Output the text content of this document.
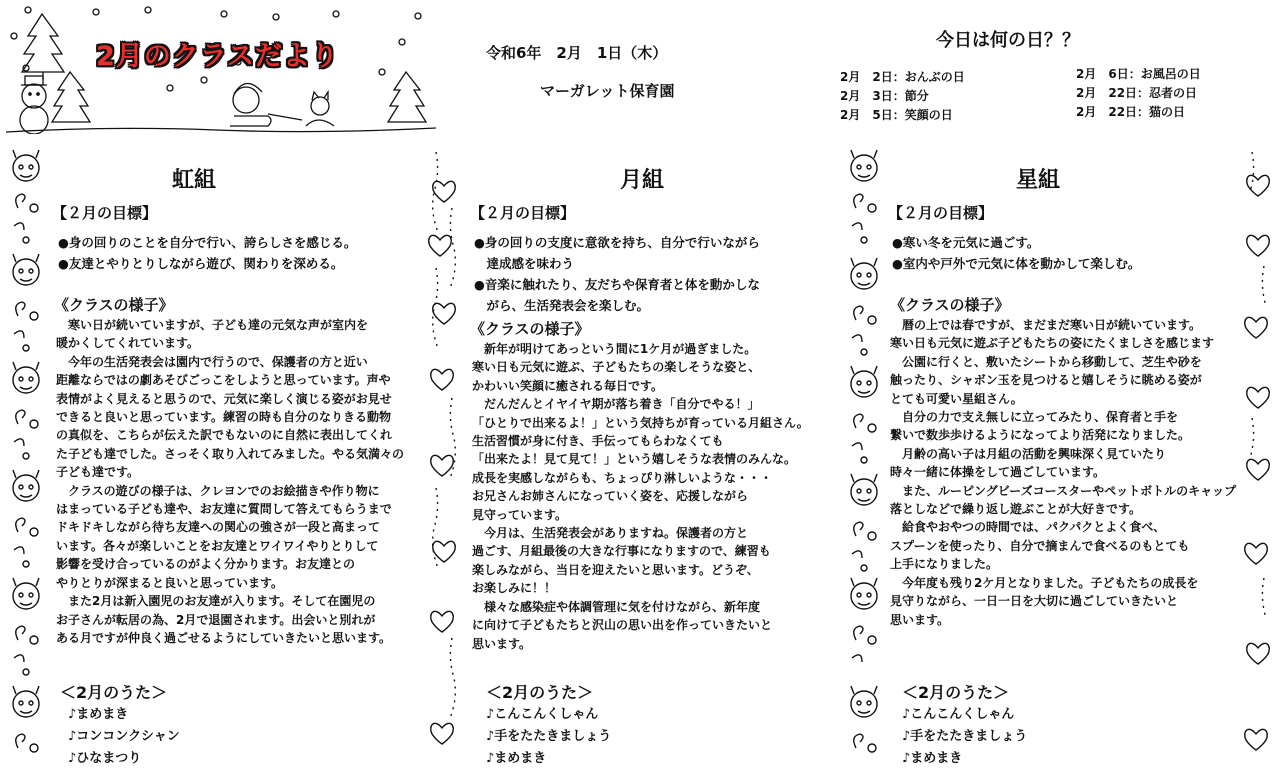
2月のクラスだより	令和6年　2月　1日（木）
マーガレット保育園
今日は何の日？？
2月　2日：おんぶの日
2月　3日：節分
2月　5日：笑顔の日
2月　6日：お風呂の日
2月　22日：忍者の日
2月　22日：猫の日
虹組
【２月の目標】
●身の回りのことを自分で行い、誇らしさを感じる。
●友達とやりとりしながら遊び、関わりを深める。
《クラスの様子》
　寒い日が続いていますが、子ども達の元気な声が室内を
暖かくしてくれています。
　今年の生活発表会は園内で行うので、保護者の方と近い
距離ならではの劇あそびごっこをしようと思っています。声や
表情がよく見えると思うので、元気に楽しく演じる姿がお見せ
できると良いと思っています。練習の時も自分のなりきる動物
の真似を、こちらが伝えた訳でもないのに自然に表出してくれ
た子ども達でした。さっそく取り入れてみました。やる気満々の
子ども達です。
　クラスの遊びの様子は、クレヨンでのお絵描きや作り物に
はまっている子ども達や、お友達に質問して答えてもらうまで
ドキドキしながら待ち友達への関心の強さが一段と高まって
います。各々が楽しいことをお友達とワイワイやりとりして
影響を受け合っているのがよく分かります。お友達との
やりとりが深まると良いと思っています。
　また2月は新入園児のお友達が入ります。そして在園児の
お子さんが転居の為、2月で退園されます。出会いと別れが
ある月ですが仲良く過ごせるようにしていきたいと思います。
＜2月のうた＞
♪まめまき
♪コンコンクシャン
♪ひなまつり
月組
【２月の目標】
●身の回りの支度に意欲を持ち、自分で行いながら
　達成感を味わう
●音楽に触れたり、友だちや保育者と体を動かしな
　がら、生活発表会を楽しむ。
《クラスの様子》
　新年が明けてあっという間に1ケ月が過ぎました。
寒い日も元気に遊ぶ、子どもたちの楽しそうな姿と、
かわいい笑顔に癒される毎日です。
　だんだんとイヤイヤ期が落ち着き「自分でやる！」
「ひとりで出来るよ！」という気持ちが育っている月組さん。
生活習慣が身に付き、手伝ってもらわなくても
「出来たよ！見て見て！」という嬉しそうな表情のみんな。
成長を実感しながらも、ちょっぴり淋しいような・・・
お兄さんお姉さんになっていく姿を、応援しながら
見守っています。
　今月は、生活発表会がありますね。保護者の方と
過ごす、月組最後の大きな行事になりますので、練習も
楽しみながら、当日を迎えたいと思います。どうぞ、
お楽しみに！！
　様々な感染症や体調管理に気を付けながら、新年度
に向けて子どもたちと沢山の思い出を作っていきたいと
思います。
＜2月のうた＞
♪こんこんくしゃん
♪手をたたきましょう
♪まめまき
星組
【２月の目標】
●寒い冬を元気に過ごす。
●室内や戸外で元気に体を動かして楽しむ。
《クラスの様子》
　暦の上では春ですが、まだまだ寒い日が続いています。
寒い日も元気に遊ぶ子どもたちの姿にたくましさを感じます
　公園に行くと、敷いたシートから移動して、芝生や砂を
触ったり、シャボン玉を見つけると嬉しそうに眺める姿が
とても可愛い星組さん。
　自分の力で支え無しに立ってみたり、保育者と手を
繋いで数歩歩けるようになってより活発になりました。
　月齢の高い子は月組の活動を興味深く見ていたり
時々一緒に体操をして過ごしています。
　また、ルーピングビーズコースターやペットボトルのキャップ
落としなどで繰り返し遊ぶことが大好きです。
　給食やおやつの時間では、パクパクとよく食べ、
スプーンを使ったり、自分で摘まんで食べるのもとても
上手になりました。
　今年度も残り2ケ月となりました。子どもたちの成長を
見守りながら、一日一日を大切に過ごしていきたいと
思います。
＜2月のうた＞
♪こんこんくしゃん
♪手をたたきましょう
♪まめまき
